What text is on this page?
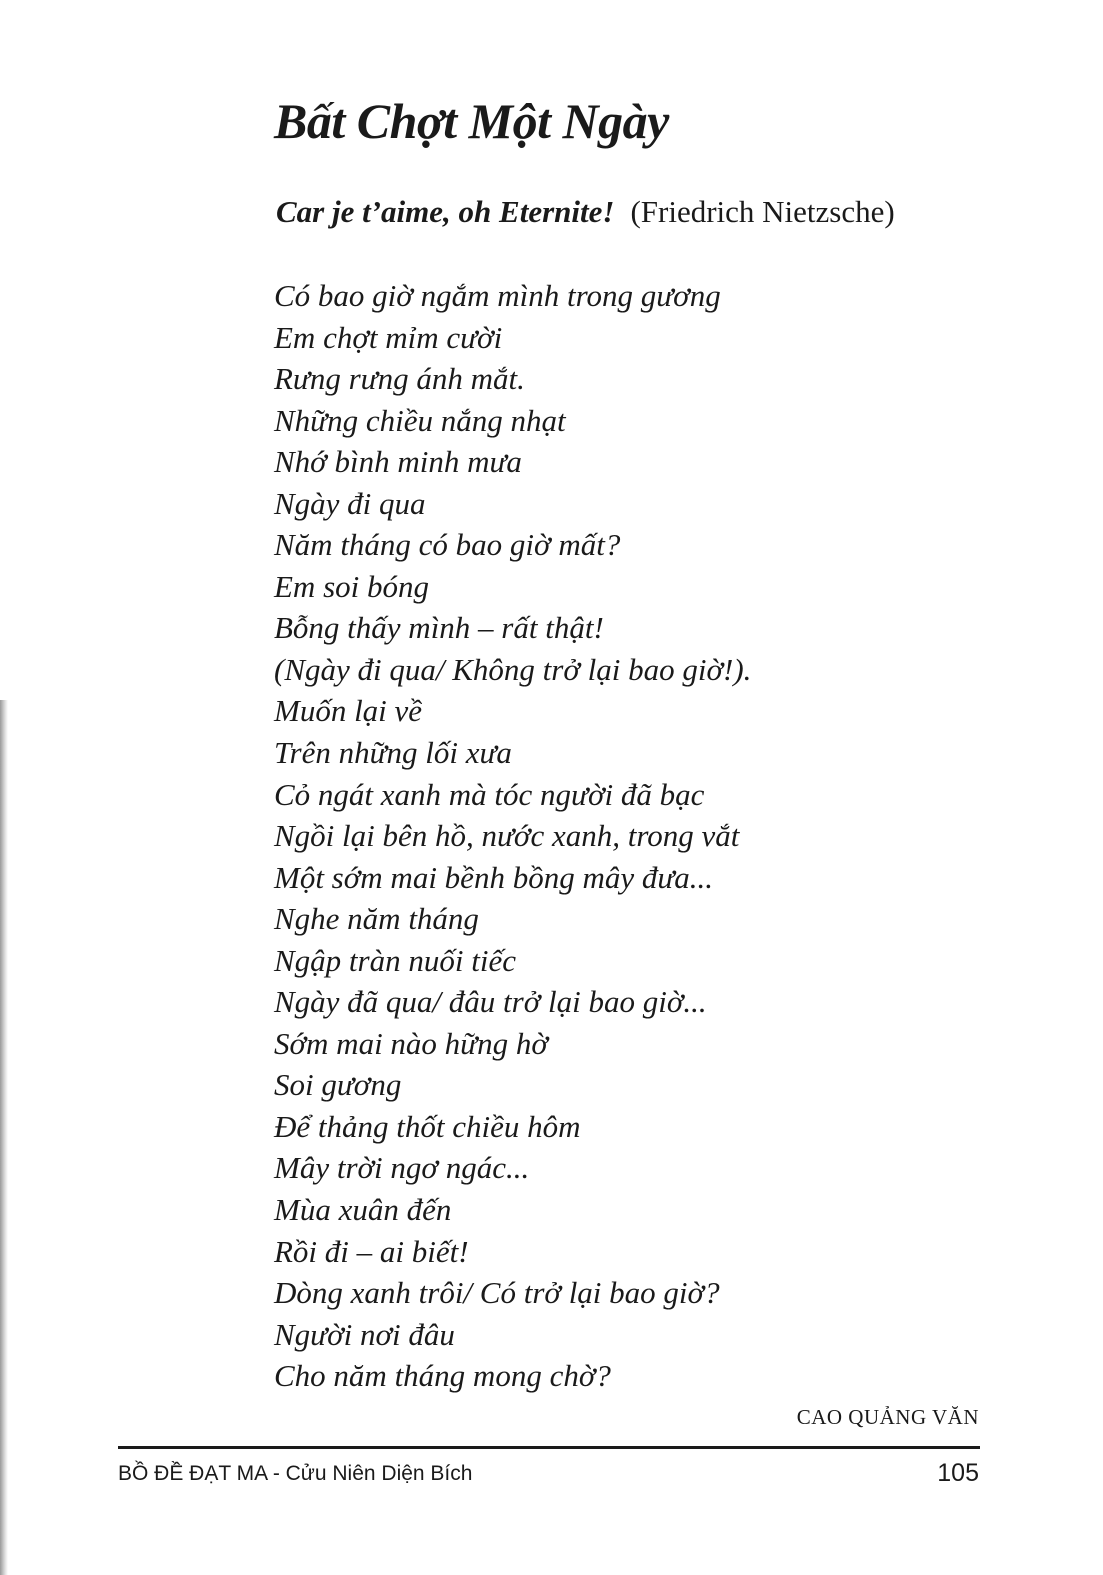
Bất Chợt Một Ngày
Car je t’aime, oh Eternite! (Friedrich Nietzsche)
Có bao giờ ngắm mình trong gương
Em chợt mỉm cười
Rưng rưng ánh mắt.
Những chiều nắng nhạt
Nhớ bình minh mưa
Ngày đi qua
Năm tháng có bao giờ mất?
Em soi bóng
Bỗng thấy mình – rất thật!
(Ngày đi qua/ Không trở lại bao giờ!).
Muốn lại về
Trên những lối xưa
Cỏ ngát xanh mà tóc người đã bạc
Ngồi lại bên hồ, nước xanh, trong vắt
Một sớm mai bềnh bồng mây đưa...
Nghe năm tháng
Ngập tràn nuối tiếc
Ngày đã qua/ đâu trở lại bao giờ...
Sớm mai nào hững hờ
Soi gương
Để thảng thốt chiều hôm
Mây trời ngơ ngác...
Mùa xuân đến
Rồi đi – ai biết!
Dòng xanh trôi/ Có trở lại bao giờ?
Người nơi đâu
Cho năm tháng mong chờ?
CAO QUẢNG VĂN
BỒ ĐỀ ĐẠT MA - Cửu Niên Diện Bích	105
